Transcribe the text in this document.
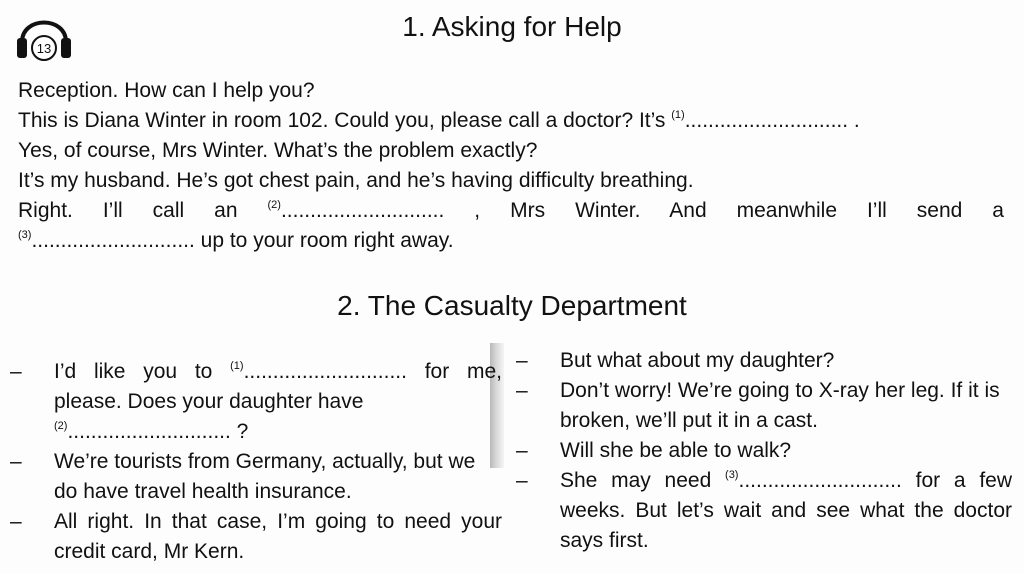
13
1. Asking for Help
Reception. How can I help you?
This is Diana Winter in room 102. Could you, please call a doctor? It’s $^{(1)}$............................ .
Yes, of course, Mrs Winter. What’s the problem exactly?
It’s my husband. He’s got chest pain, and he’s having difficulty breathing.
Right. I’ll call an $^{(2)}$............................ , Mrs Winter. And meanwhile I’ll send a
$^{(3)}$............................ up to your room right away.
2. The Casualty Department
–	I’d like you to $^{(1)}$............................ for me, please. Does your daughter have
$^{(2)}$............................ ?
–	We’re tourists from Germany, actually, but we do have travel health insurance.
–	All right. In that case, I’m going to need your credit card, Mr Kern.
–	But what about my daughter?
–	Don’t worry! We’re going to X-ray her leg. If it is broken, we’ll put it in a cast.
–	Will she be able to walk?
–	She may need $^{(3)}$............................ for a few weeks. But let’s wait and see what the doctor says first.
